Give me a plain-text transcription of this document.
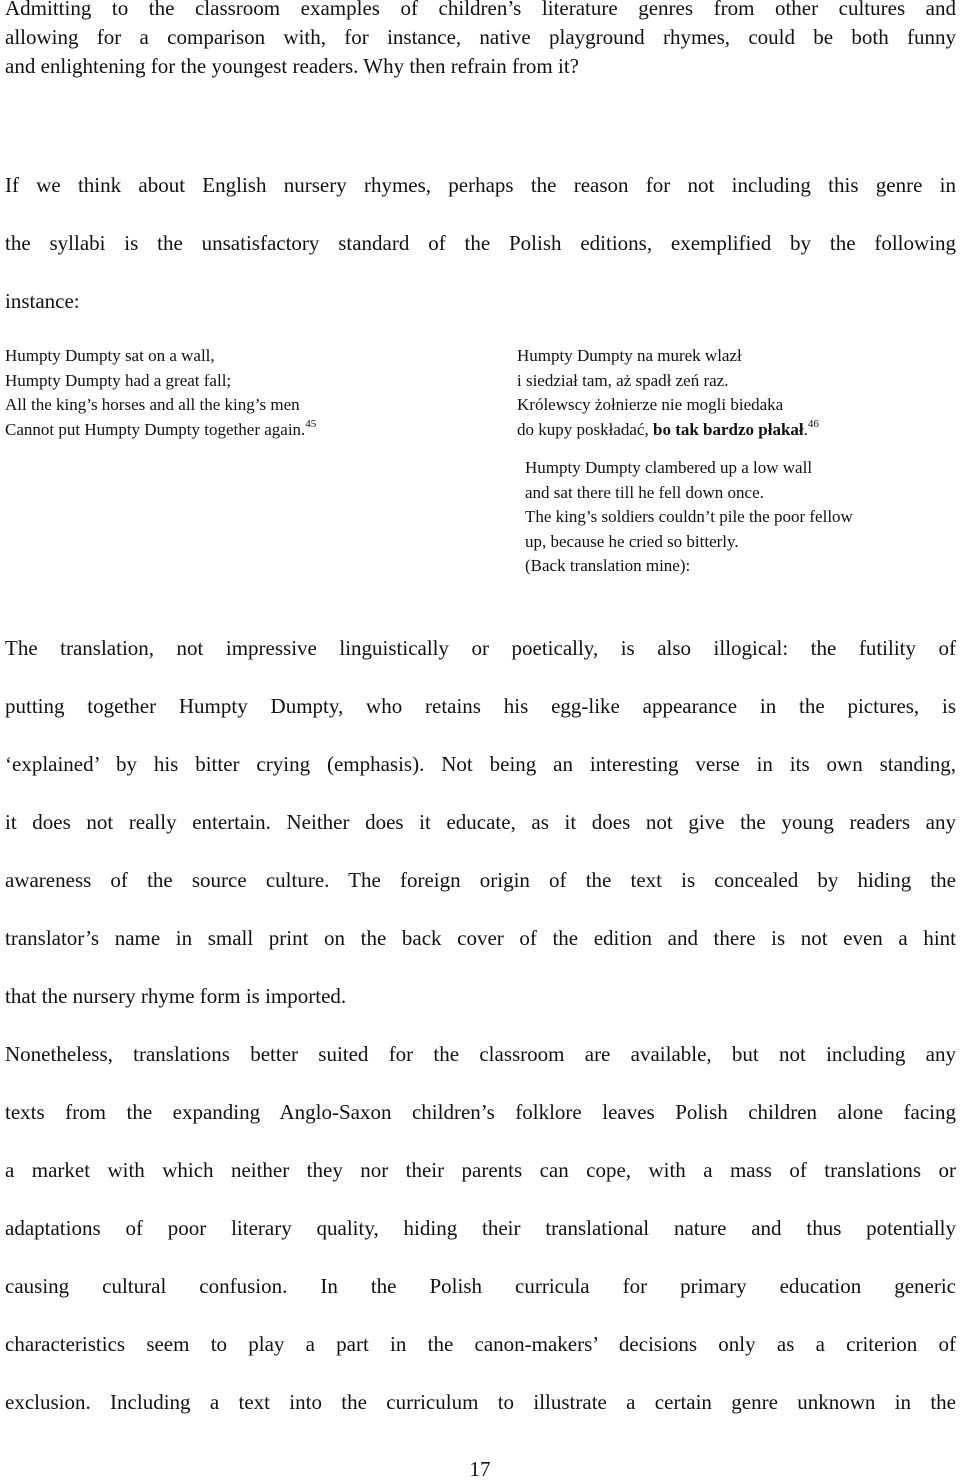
Admitting to the classroom examples of children’s literature genres from other cultures and
allowing for a comparison with, for instance, native playground rhymes, could be both funny
and enlightening for the youngest readers. Why then refrain from it?

If we think about English nursery rhymes, perhaps the reason for not including this genre in
the syllabi is the unsatisfactory standard of the Polish editions, exemplified by the following
instance:

Humpty Dumpty sat on a wall,
Humpty Dumpty had a great fall;
All the king’s horses and all the king’s men
Cannot put Humpty Dumpty together again.$^{45}$
Humpty Dumpty na murek wlazł
i siedział tam, aż spadł zeń raz.
Królewscy żołnierze nie mogli biedaka
do kupy poskładać, bo tak bardzo płakał.$^{46}$
Humpty Dumpty clambered up a low wall
and sat there till he fell down once.
The king’s soldiers couldn’t pile the poor fellow
up, because he cried so bitterly.
(Back translation mine):

The translation, not impressive linguistically or poetically, is also illogical: the futility of
putting together Humpty Dumpty, who retains his egg-like appearance in the pictures, is
‘explained’ by his bitter crying (emphasis). Not being an interesting verse in its own standing,
it does not really entertain. Neither does it educate, as it does not give the young readers any
awareness of the source culture. The foreign origin of the text is concealed by hiding the
translator’s name in small print on the back cover of the edition and there is not even a hint
that the nursery rhyme form is imported.

Nonetheless, translations better suited for the classroom are available, but not including any
texts from the expanding Anglo-Saxon children’s folklore leaves Polish children alone facing
a market with which neither they nor their parents can cope, with a mass of translations or
adaptations of poor literary quality, hiding their translational nature and thus potentially
causing cultural confusion. In the Polish curricula for primary education generic
characteristics seem to play a part in the canon-makers’ decisions only as a criterion of
exclusion. Including a text into the curriculum to illustrate a certain genre unknown in the

17
